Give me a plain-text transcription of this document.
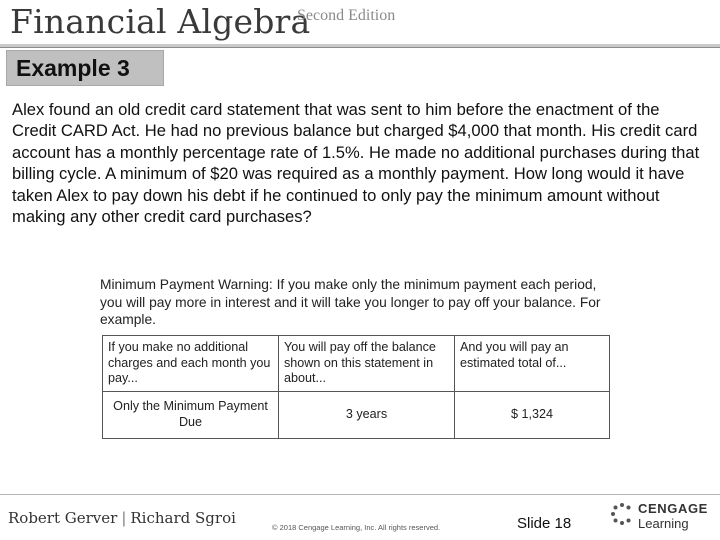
Financial Algebra
Second Edition
Example 3
Alex found an old credit card statement that was sent to him before the enactment of the Credit CARD Act. He had no previous balance but charged $4,000 that month. His credit card account has a monthly percentage rate of 1.5%. He made no additional purchases during that billing cycle. A minimum of $20 was required as a monthly payment. How long would it have taken Alex to pay down his debt if he continued to only pay the minimum amount without making any other credit card purchases?
Minimum Payment Warning: If you make only the minimum payment each period, you will pay more in interest and it will take you longer to pay off your balance. For example.
If you make no additional charges and each month you pay...	You will pay off the balance shown on this statement in about...	And you will pay an estimated total of...
Only the Minimum Payment Due	3 years	$ 1,324
Robert Gerver | Richard Sgroi
© 2018 Cengage Learning, Inc. All rights reserved.	Slide 18
CENGAGE
Learning
